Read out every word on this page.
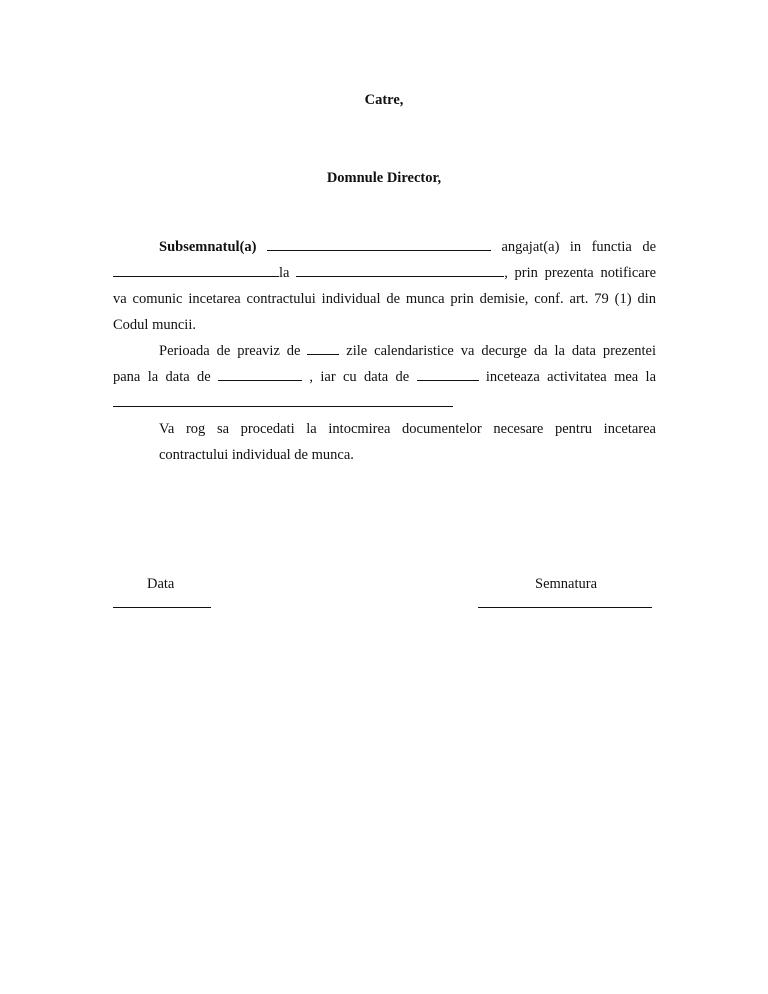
Catre,
Domnule Director,
Subsemnatul(a)	angajat(a) in functia de
la	, prin prezenta notificare
va comunic incetarea contractului individual de munca prin demisie, conf. art. 79 (1) din
Codul muncii.
Perioada de preaviz de	zile calendaristice va decurge da la data prezentei
pana la data de	, iar cu data de	inceteaza activitatea mea la
Va rog sa procedati la intocmirea documentelor necesare pentru incetarea contractului individual de munca.
Data	Semnatura
